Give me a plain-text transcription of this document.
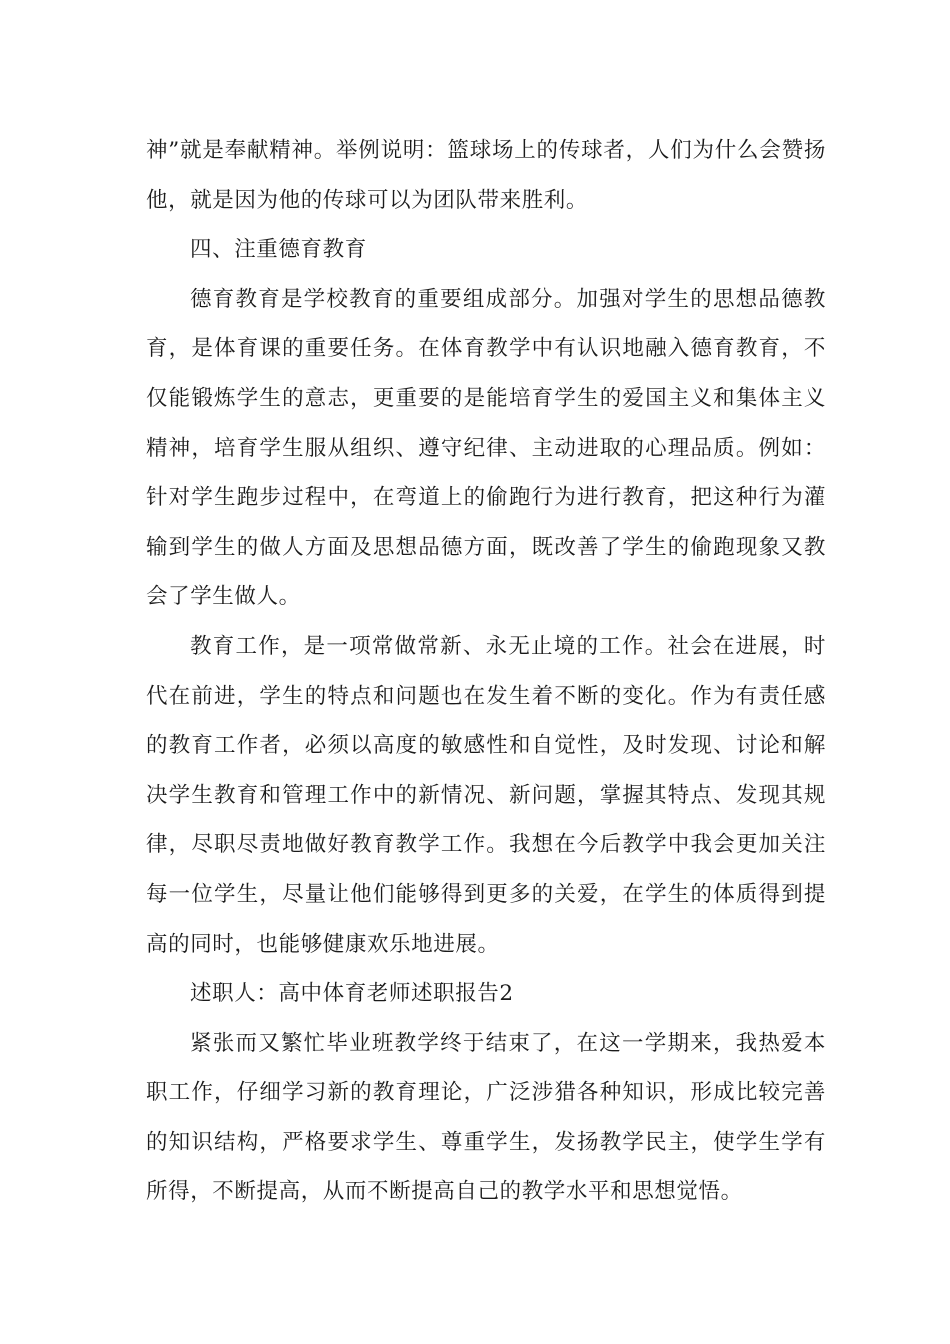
神”就是奉献精神。举例说明：篮球场上的传球者，人们为什么会赞扬他，就是因为他的传球可以为团队带来胜利。

四、注重德育教育

德育教育是学校教育的重要组成部分。加强对学生的思想品德教育，是体育课的重要任务。在体育教学中有认识地融入德育教育，不仅能锻炼学生的意志，更重要的是能培育学生的爱国主义和集体主义精神，培育学生服从组织、遵守纪律、主动进取的心理品质。例如：针对学生跑步过程中，在弯道上的偷跑行为进行教育，把这种行为灌输到学生的做人方面及思想品德方面，既改善了学生的偷跑现象又教会了学生做人。

教育工作，是一项常做常新、永无止境的工作。社会在进展，时代在前进，学生的特点和问题也在发生着不断的变化。作为有责任感的教育工作者，必须以高度的敏感性和自觉性，及时发现、讨论和解决学生教育和管理工作中的新情况、新问题，掌握其特点、发现其规律，尽职尽责地做好教育教学工作。我想在今后教学中我会更加关注每一位学生，尽量让他们能够得到更多的关爱，在学生的体质得到提高的同时，也能够健康欢乐地进展。

述职人：高中体育老师述职报告2

紧张而又繁忙毕业班教学终于结束了，在这一学期来，我热爱本职工作，仔细学习新的教育理论，广泛涉猎各种知识，形成比较完善的知识结构，严格要求学生、尊重学生，发扬教学民主，使学生学有所得，不断提高，从而不断提高自己的教学水平和思想觉悟。
